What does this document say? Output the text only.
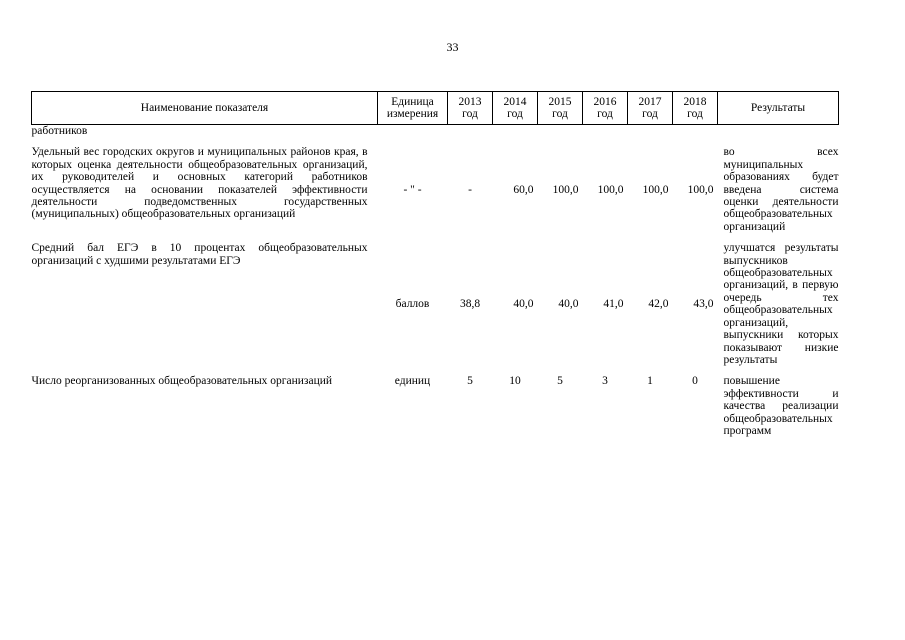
33
Наименование показателя	Единица измерения	2013 год	2014 год	2015 год	2016 год	2017 год	2018 год	Результаты
работников								

Удельный вес городских округов и муниципальных районов края, в которых оценка деятельности общеобразовательных организаций, их руководителей и основных категорий работников осуществляется на основании показателей эффективности деятельности подведомственных государственных (муниципальных) общеобразовательных организаций	- " -	-	60,0	100,0	100,0	100,0	100,0	во всех муниципальных образованиях будет введена система оценки деятельности общеобразовательных организаций

Средний бал ЕГЭ в 10 процентах общеобразовательных организаций с худшими результатами ЕГЭ	баллов	38,8	40,0	40,0	41,0	42,0	43,0	улучшатся результаты выпускников общеобразовательных организаций, в первую очередь тех общеобразовательных организаций, выпускники которых показывают низкие результаты

Число реорганизованных общеобразовательных организаций	единиц	5	10	5	3	1	0	повышение эффективности и качества реализации общеобразовательных программ
